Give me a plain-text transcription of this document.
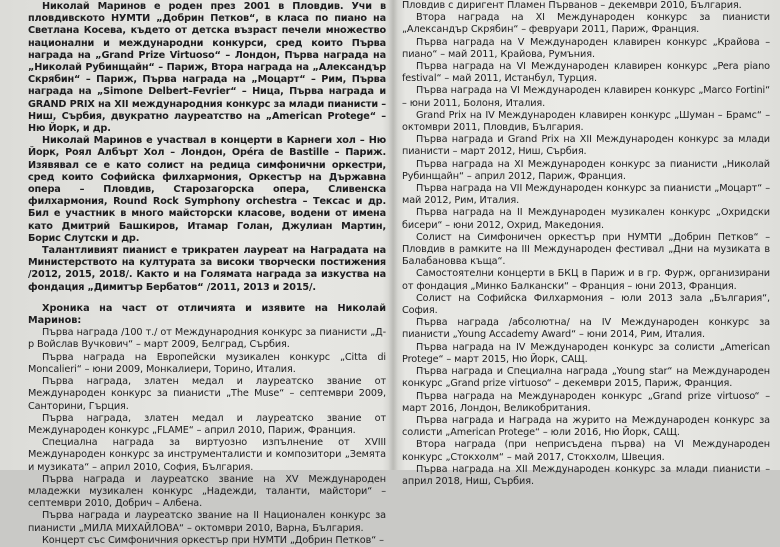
Николай Маринов е роден през 2001 в Пловдив. Учи в пловдивското НУМТИ „Добрин Петков“, в класа по пиано на Светлана Косева, където от детска възраст печели множество национални и международни конкурси, сред които Първа награда на „Grand Prize Virtuoso“ – Лондон, Първа награда на „Николай Рубинщайн“ – Париж, Втора награда на „Александър Скрябин“ – Париж, Първа награда на „Моцарт“ – Рим, Първа награда на „Simone Delbert–Fevrier“ – Ница, Първа награда и GRAND PRIX на XII международния конкурс за млади пианисти – Ниш, Сърбия, двукратно лауреатство на „American Protege“ – Ню Йорк, и др.

Николай Маринов е участвал в концерти в Карнеги хол – Ню Йорк, Роял Албърт Хол – Лондон, Opéra de Bastille – Париж. Изявявал се е като солист на редица симфонични оркестри, сред които Софийска филхармония, Оркестър на Държавна опера – Пловдив, Старозагорска опера, Сливенска филхармония, Round Rock Symphony orchestra – Тексас и др. Бил е участник в много майсторски класове, водени от имена като Дмитрий Башкиров, Итамар Голан, Джулиан Мартин, Борис Слутски и др.

Талантливият пианист е трикратен лауреат на Наградата на Министерството на културата за високи творчески постижения /2012, 2015, 2018/. Както и на Голямата награда за изкуства на фондация „Димитър Бербатов“ /2011, 2013 и 2015/.

Хроника на част от отличията и изявите на Николай Маринов:

Първа награда /100 т./ от Международния конкурс за пианисти „Д-р Войслав Вучкович“ – март 2009, Белград, Сърбия.

Първа награда на Европейски музикален конкурс „Citta di Moncalieri“ – юни 2009, Монкалиери, Торино, Италия.

Първа награда, златен медал и лауреатско звание от Международен конкурс за пианисти „The Muse“ – септември 2009, Санторини, Гърция.

Първа награда, златен медал и лауреатско звание от Международен конкурс „FLAME“ – април 2010, Париж, Франция.

Специална награда за виртуозно изпълнение от XVIII Международен конкурс за инструменталисти и композитори „Земята и музиката“ – април 2010, София, България.

Първа награда и лауреатско звание на XV Международен младежки музикален конкурс „Надежди, таланти, майстори“ – септември 2010, Добрич – Албена.

Първа награда и лауреатско звание на II Национален конкурс за пианисти „МИЛА МИХАЙЛОВА“ – октомври 2010, Варна, България.

Концерт със Симфоничния оркестър при НУМТИ „Добрин Петков“ –

Пловдив с диригент Пламен Първанов – декември 2010, България.

Втора награда на XI Международен конкурс за пианисти „Александър Скрябин“ – февруари 2011, Париж, Франция.

Първа награда на V Международен клавирен конкурс „Крайова – пиано“ – май 2011, Крайова, Румъния.

Първа награда на VI Международен клавирен конкурс „Pera piano festival“ – май 2011, Истанбул, Турция.

Първа награда на VI Международен клавирен конкурс „Marco Fortini“ – юни 2011, Болоня, Италия.

Grand Prix на IV Международен клавирен конкурс „Шуман – Брамс“ – октомври 2011, Пловдив, България.

Първа награда и Grand Prix на XII Международен конкурс за млади пианисти – март 2012, Ниш, Сърбия.

Първа награда на XI Международен конкурс за пианисти „Николай Рубинщайн“ – април 2012, Париж, Франция.

Първа награда на VII Международен конкурс за пианисти „Моцарт“ – май 2012, Рим, Италия.

Първа награда на II Международен музикален конкурс „Охридски бисери“ – юни 2012, Охрид, Македония.

Солист на Симфоничен оркестър при НУМТИ „Добрин Петков“ – Пловдив в рамките на III Международен фестивал „Дни на музиката в Балабановва къща“.

Самостоятелни концерти в БКЦ в Париж и в гр. Фурж, организирани от фондация „Минко Балкански“ – Франция – юни 2013, Франция.

Солист на Софийска Филхармония – юли 2013 зала „България“, София.

Първа награда /абсолютна/ на IV Международен конкурс за пианисти „Young Accademy Award“ – юни 2014, Рим, Италия.

Първа награда на IV Международен конкурс за солисти „American Protege“ – март 2015, Ню Йорк, САЩ.

Първа награда и Специална награда „Young star“ на Международен конкурс „Grand prize virtuoso“ – декември 2015, Париж, Франция.

Първа награда на Международен конкурс „Grand prize virtuoso“ – март 2016, Лондон, Великобритания.

Първа награда и Награда на журито на Международен конкурс за солисти „American Protege“ – юли 2016, Ню Йорк, САЩ.

Втора награда (при неприсъдена първа) на VI Международен конкурс „Стокхолм“ – май 2017, Стокхолм, Швеция.

Първа награда на XII Международен конкурс за млади пианисти – април 2018, Ниш, Сърбия.
